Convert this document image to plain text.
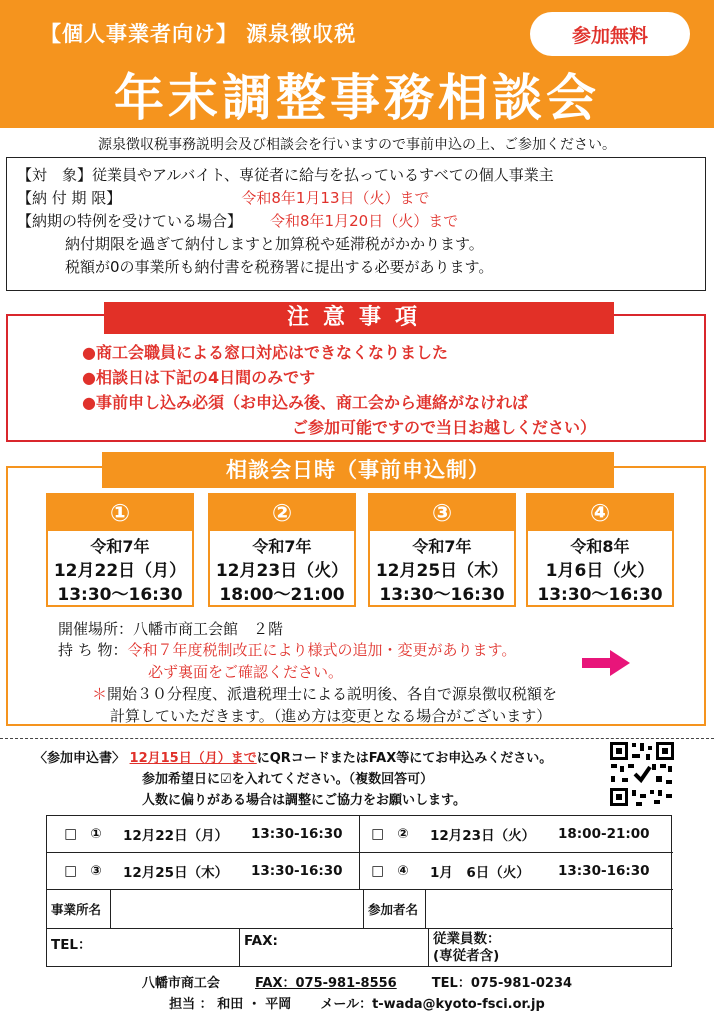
【個人事業者向け】 源泉徴収税	参加無料
年末調整事務相談会
源泉徴収税事務説明会及び相談会を行いますので事前申込の上、ご参加ください。
【対　象】従業員やアルバイト、専従者に給与を払っているすべての個人事業主
【納 付 期 限】	令和8年1月13日（火）まで
【納期の特例を受けている場合】 令和8年1月20日（火）まで
納付期限を過ぎて納付しますと加算税や延滞税がかかります。
税額が0の事業所も納付書を税務署に提出する必要があります。
注意事項
●商工会職員による窓口対応はできなくなりました
●相談日は下記の4日間のみです
●事前申し込み必須（お申込み後、商工会から連絡がなければ
ご参加可能ですので当日お越しください）
相談会日時（事前申込制）
①
令和7年
12月22日（月）
13:30～16:30
②
令和7年
12月23日（火）
18:00～21:00
③
令和7年
12月25日（木）
13:30～16:30
④
令和8年
1月6日（火）
13:30～16:30
開催場所：八幡市商工会館　２階
持 ち 物：令和７年度税制改正により様式の追加・変更があります。
必ず裏面をご確認ください。
＊開始３０分程度、派遣税理士による説明後、各自で源泉徴収税額を
計算していただきます。（進め方は変更となる場合がございます）
〈参加申込書〉 12月15日（月）までにQRコードまたはFAX等にてお申込みください。
参加希望日に☑を入れてください。（複数回答可）
人数に偏りがある場合は調整にご協力をお願いします。
□ ①	12月22日（月）	13:30-16:30	□ ②	12月23日（火）	18:00-21:00
□ ③	12月25日（木）	13:30-16:30	□ ④	1月　6日（火）	13:30-16:30
事業所名	参加者名
TEL：	FAX:	従業員数：
(専従者含)
八幡市商工会	FAX：075-981-8556	TEL：075-981-0234
担当 ： 和田 ・ 平岡 メール：t-wada@kyoto-fsci.or.jp
